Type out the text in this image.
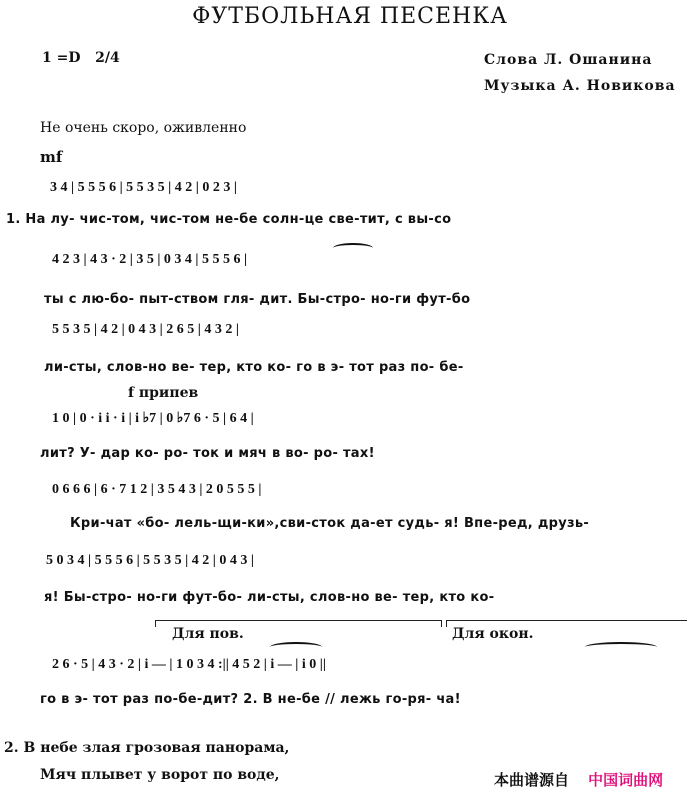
ФУТБОЛЬНАЯ ПЕСЕНКА
1 =D 2/4	Слова Л. Ошанина
Музыка А. Новикова
Не очень скоро, оживленно
mf
3 4 | 5 5 5 6 | 5 5 3 5 | 4 2 | 0 2 3 |
1. На лу- чис-том, чис-том не-бе солн-це све-тит, с вы-со
4 2 3 | 4 3 · 2 | 3 5 | 0 3 4 | 5 5 5 6 |
ты с лю-бо- пыт-ством гля- дит. Бы-стро- но-ги фут-бо
5 5 3 5 | 4 2 | 0 4 3 | 2 6 5 | 4 3 2 |
ли-сты, слов-но ве- тер, кто ко- го в э- тот раз по- бе-
f припев
1 0 | 0 · i i · i | i ♭7 | 0 ♭7 6 · 5 | 6 4 |
лит? У- дар ко- ро- ток и мяч в во- ро- тах!
0 6 6 6 | 6 · 7 1 2 | 3 5 4 3 | 2 0 5 5 5 |
Кри-чат «бо- лель-щи-ки»,сви-сток да-ет судь- я! Впе-ред, друзь-
5 0 3 4 | 5 5 5 6 | 5 5 3 5 | 4 2 | 0 4 3 |
я! Бы-стро- но-ги фут-бо- ли-сты, слов-но ве- тер, кто ко-
Для пов.	Для окон.
2 6 · 5 | 4 3 · 2 | i — | 1 0 3 4 :|| 4 5 2 | i — | i 0 ||
го в э- тот раз по-бе-дит? 2. В не-бе // лежь го-ря- ча!
2. В небе злая грозовая панорама,
Мяч плывет у ворот по воде,	本曲谱源自 中国词曲网
